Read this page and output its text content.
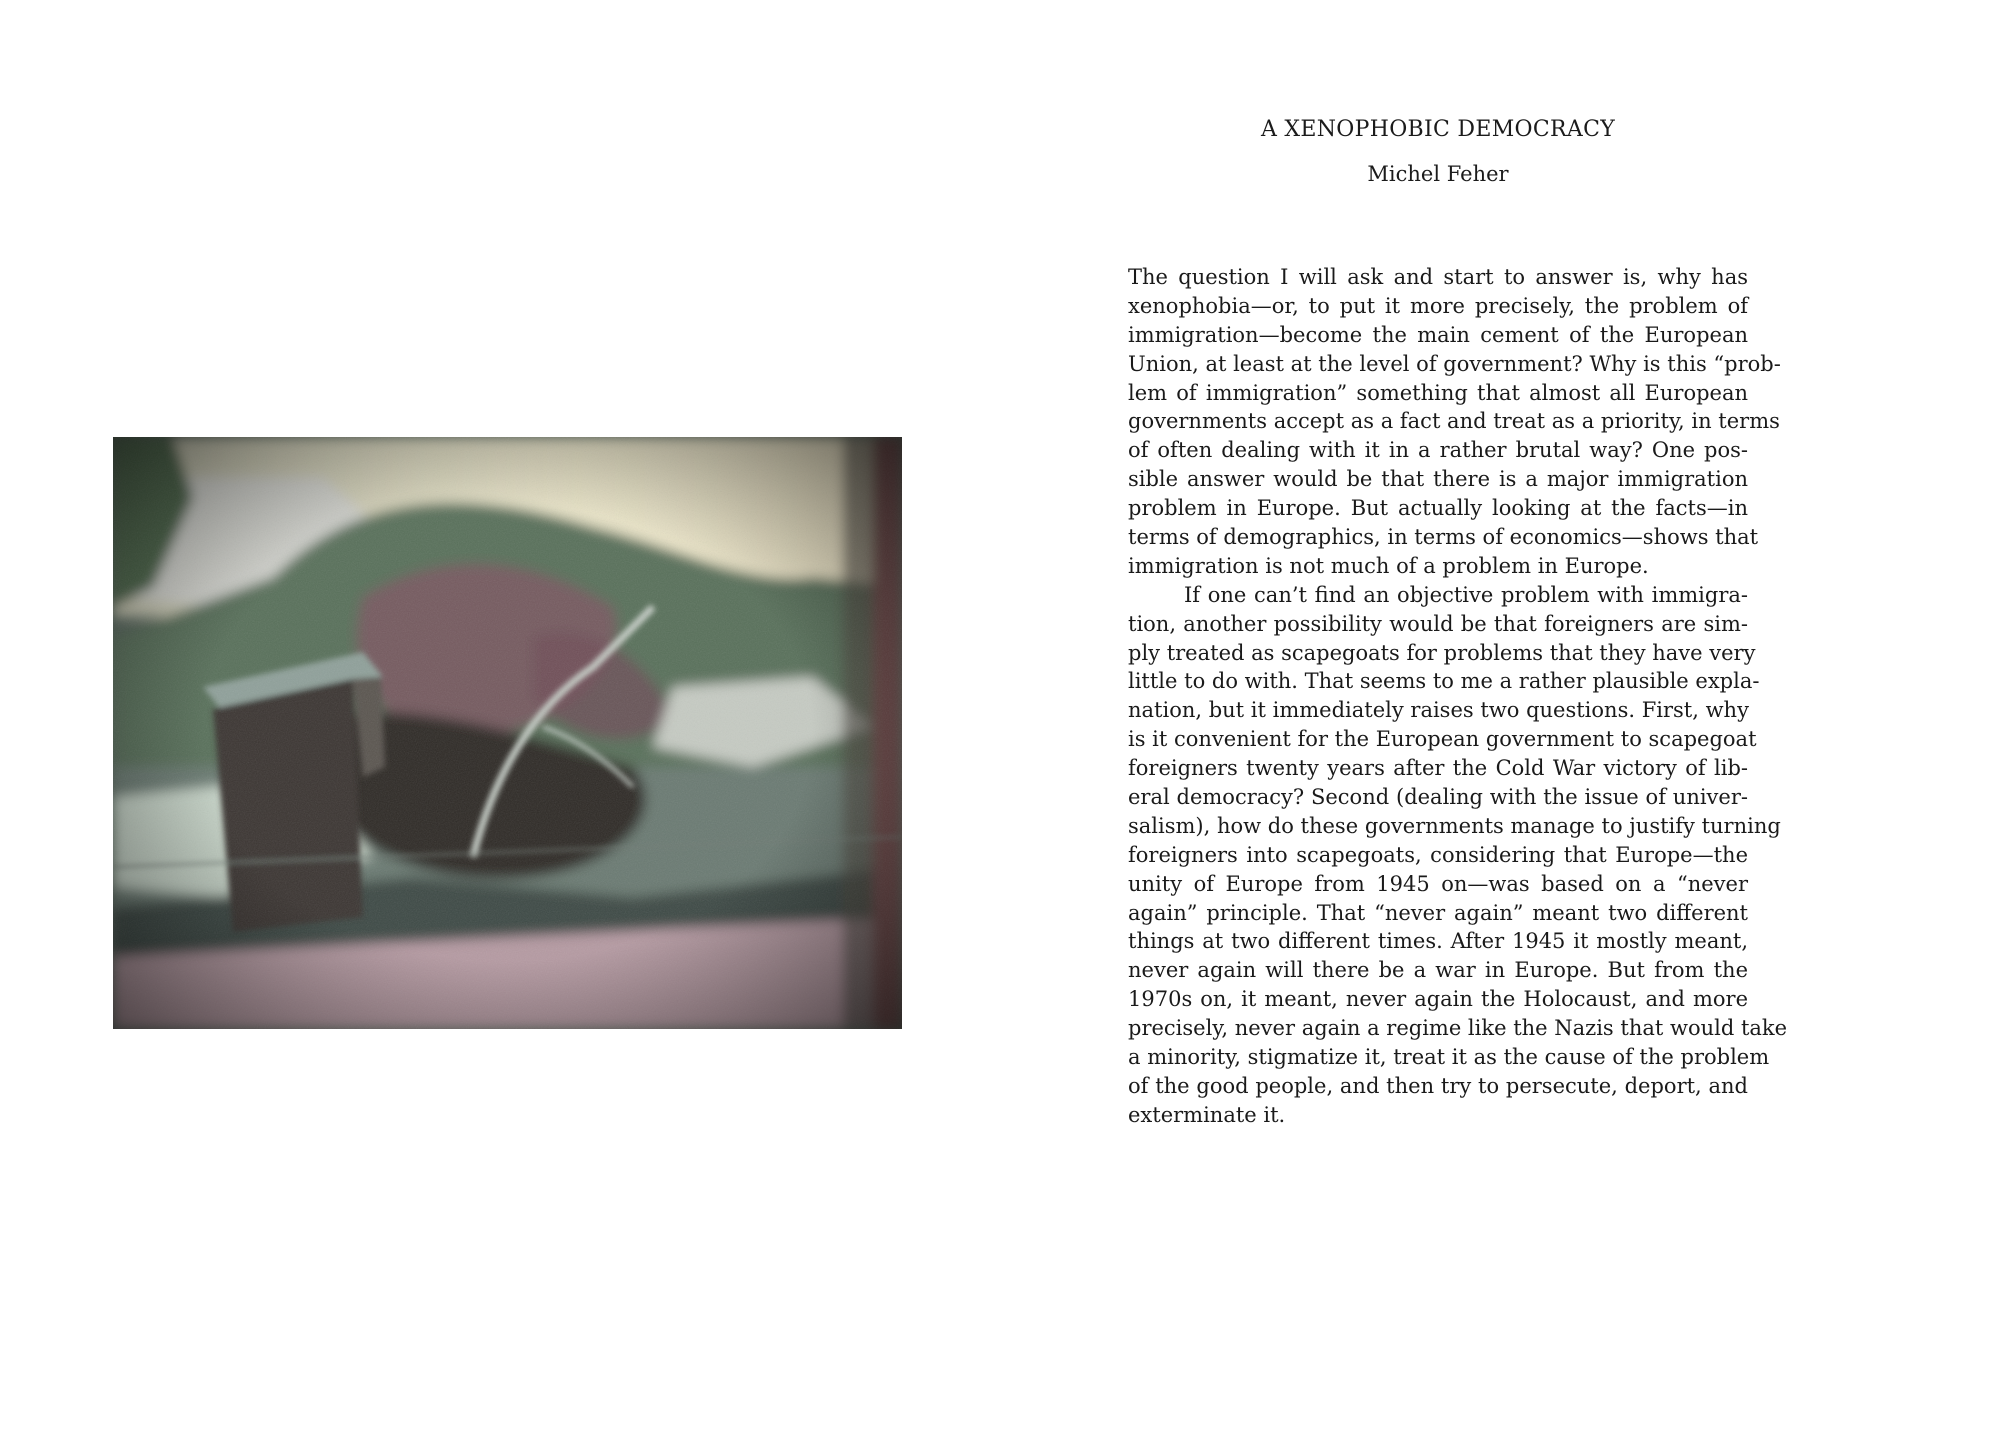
A XENOPHOBIC DEMOCRACY

Michel Feher

The question I will ask and start to answer is, why has
xenophobia—or, to put it more precisely, the problem of
immigration—become the main cement of the European
Union, at least at the level of government? Why is this “prob-
lem of immigration” something that almost all European
governments accept as a fact and treat as a priority, in terms
of often dealing with it in a rather brutal way? One pos-
sible answer would be that there is a major immigration
problem in Europe. But actually looking at the facts—in
terms of demographics, in terms of economics—shows that
immigration is not much of a problem in Europe.
If one can’t find an objective problem with immigra-
tion, another possibility would be that foreigners are sim-
ply treated as scapegoats for problems that they have very
little to do with. That seems to me a rather plausible expla-
nation, but it immediately raises two questions. First, why
is it convenient for the European government to scapegoat
foreigners twenty years after the Cold War victory of lib-
eral democracy? Second (dealing with the issue of univer-
salism), how do these governments manage to justify turning
foreigners into scapegoats, considering that Europe—the
unity of Europe from 1945 on—was based on a “never
again” principle. That “never again” meant two different
things at two different times. After 1945 it mostly meant,
never again will there be a war in Europe. But from the
1970s on, it meant, never again the Holocaust, and more
precisely, never again a regime like the Nazis that would take
a minority, stigmatize it, treat it as the cause of the problem
of the good people, and then try to persecute, deport, and
exterminate it.
